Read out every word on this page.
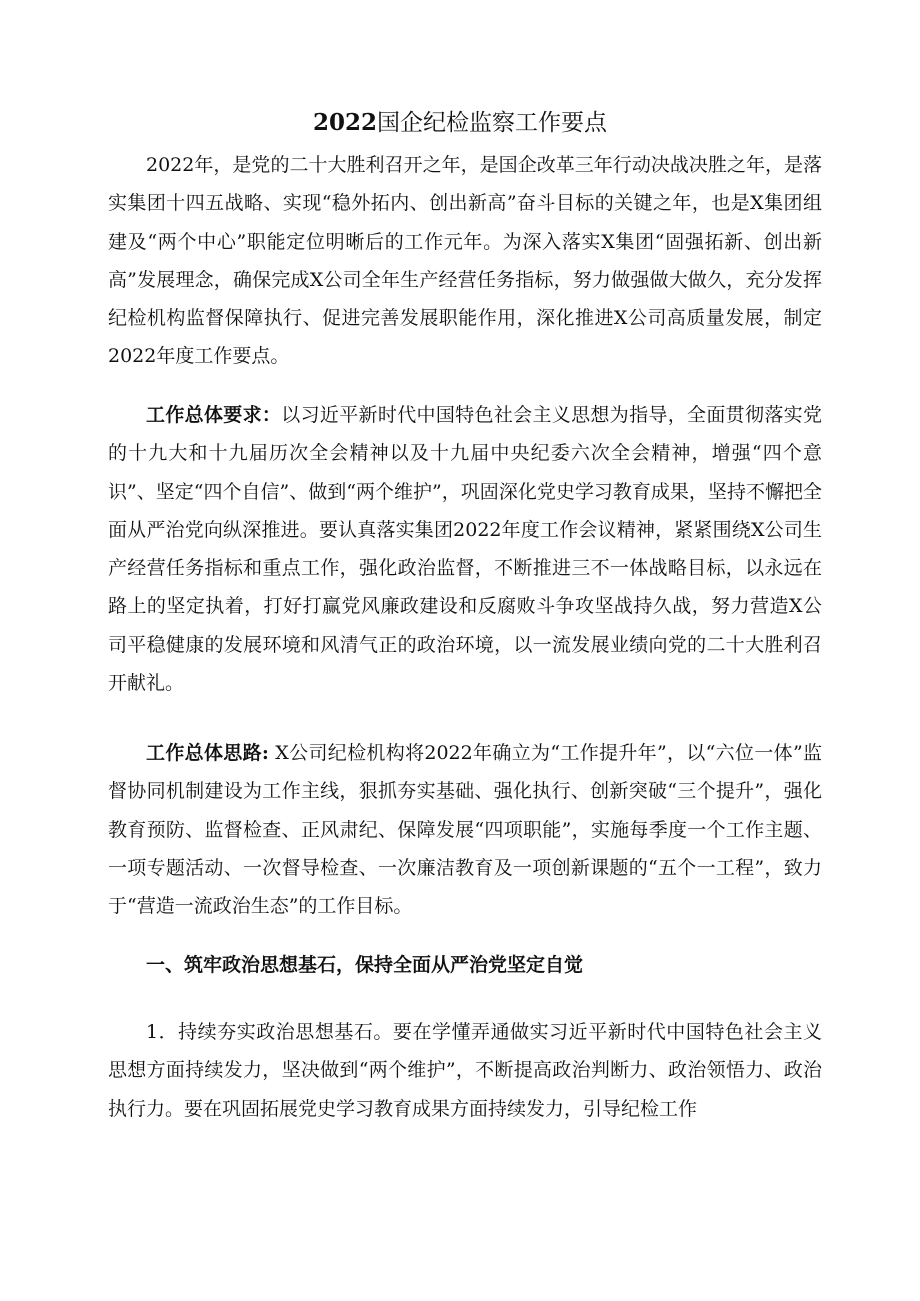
2022国企纪检监察工作要点

2022年，是党的二十大胜利召开之年，是国企改革三年行动决战决胜之年，是落实集团十四五战略、实现“稳外拓内、创出新高”奋斗目标的关键之年，也是X集团组建及“两个中心”职能定位明晰后的工作元年。为深入落实X集团“固强拓新、创出新高”发展理念，确保完成X公司全年生产经营任务指标，努力做强做大做久，充分发挥纪检机构监督保障执行、促进完善发展职能作用，深化推进X公司高质量发展，制定2022年度工作要点。

工作总体要求：以习近平新时代中国特色社会主义思想为指导，全面贯彻落实党的十九大和十九届历次全会精神以及十九届中央纪委六次全会精神，增强“四个意识”、坚定“四个自信”、做到“两个维护”，巩固深化党史学习教育成果，坚持不懈把全面从严治党向纵深推进。要认真落实集团2022年度工作会议精神，紧紧围绕X公司生产经营任务指标和重点工作，强化政治监督，不断推进三不一体战略目标，以永远在路上的坚定执着，打好打赢党风廉政建设和反腐败斗争攻坚战持久战，努力营造X公司平稳健康的发展环境和风清气正的政治环境，以一流发展业绩向党的二十大胜利召开献礼。

工作总体思路: X公司纪检机构将2022年确立为“工作提升年”，以“六位一体”监督协同机制建设为工作主线，狠抓夯实基础、强化执行、创新突破“三个提升”，强化教育预防、监督检查、正风肃纪、保障发展“四项职能”，实施每季度一个工作主题、一项专题活动、一次督导检查、一次廉洁教育及一项创新课题的“五个一工程”，致力于“营造一流政治生态”的工作目标。

一、筑牢政治思想基石，保持全面从严治党坚定自觉

1．持续夯实政治思想基石。要在学懂弄通做实习近平新时代中国特色社会主义思想方面持续发力，坚决做到“两个维护”，不断提高政治判断力、政治领悟力、政治执行力。要在巩固拓展党史学习教育成果方面持续发力，引导纪检工作
